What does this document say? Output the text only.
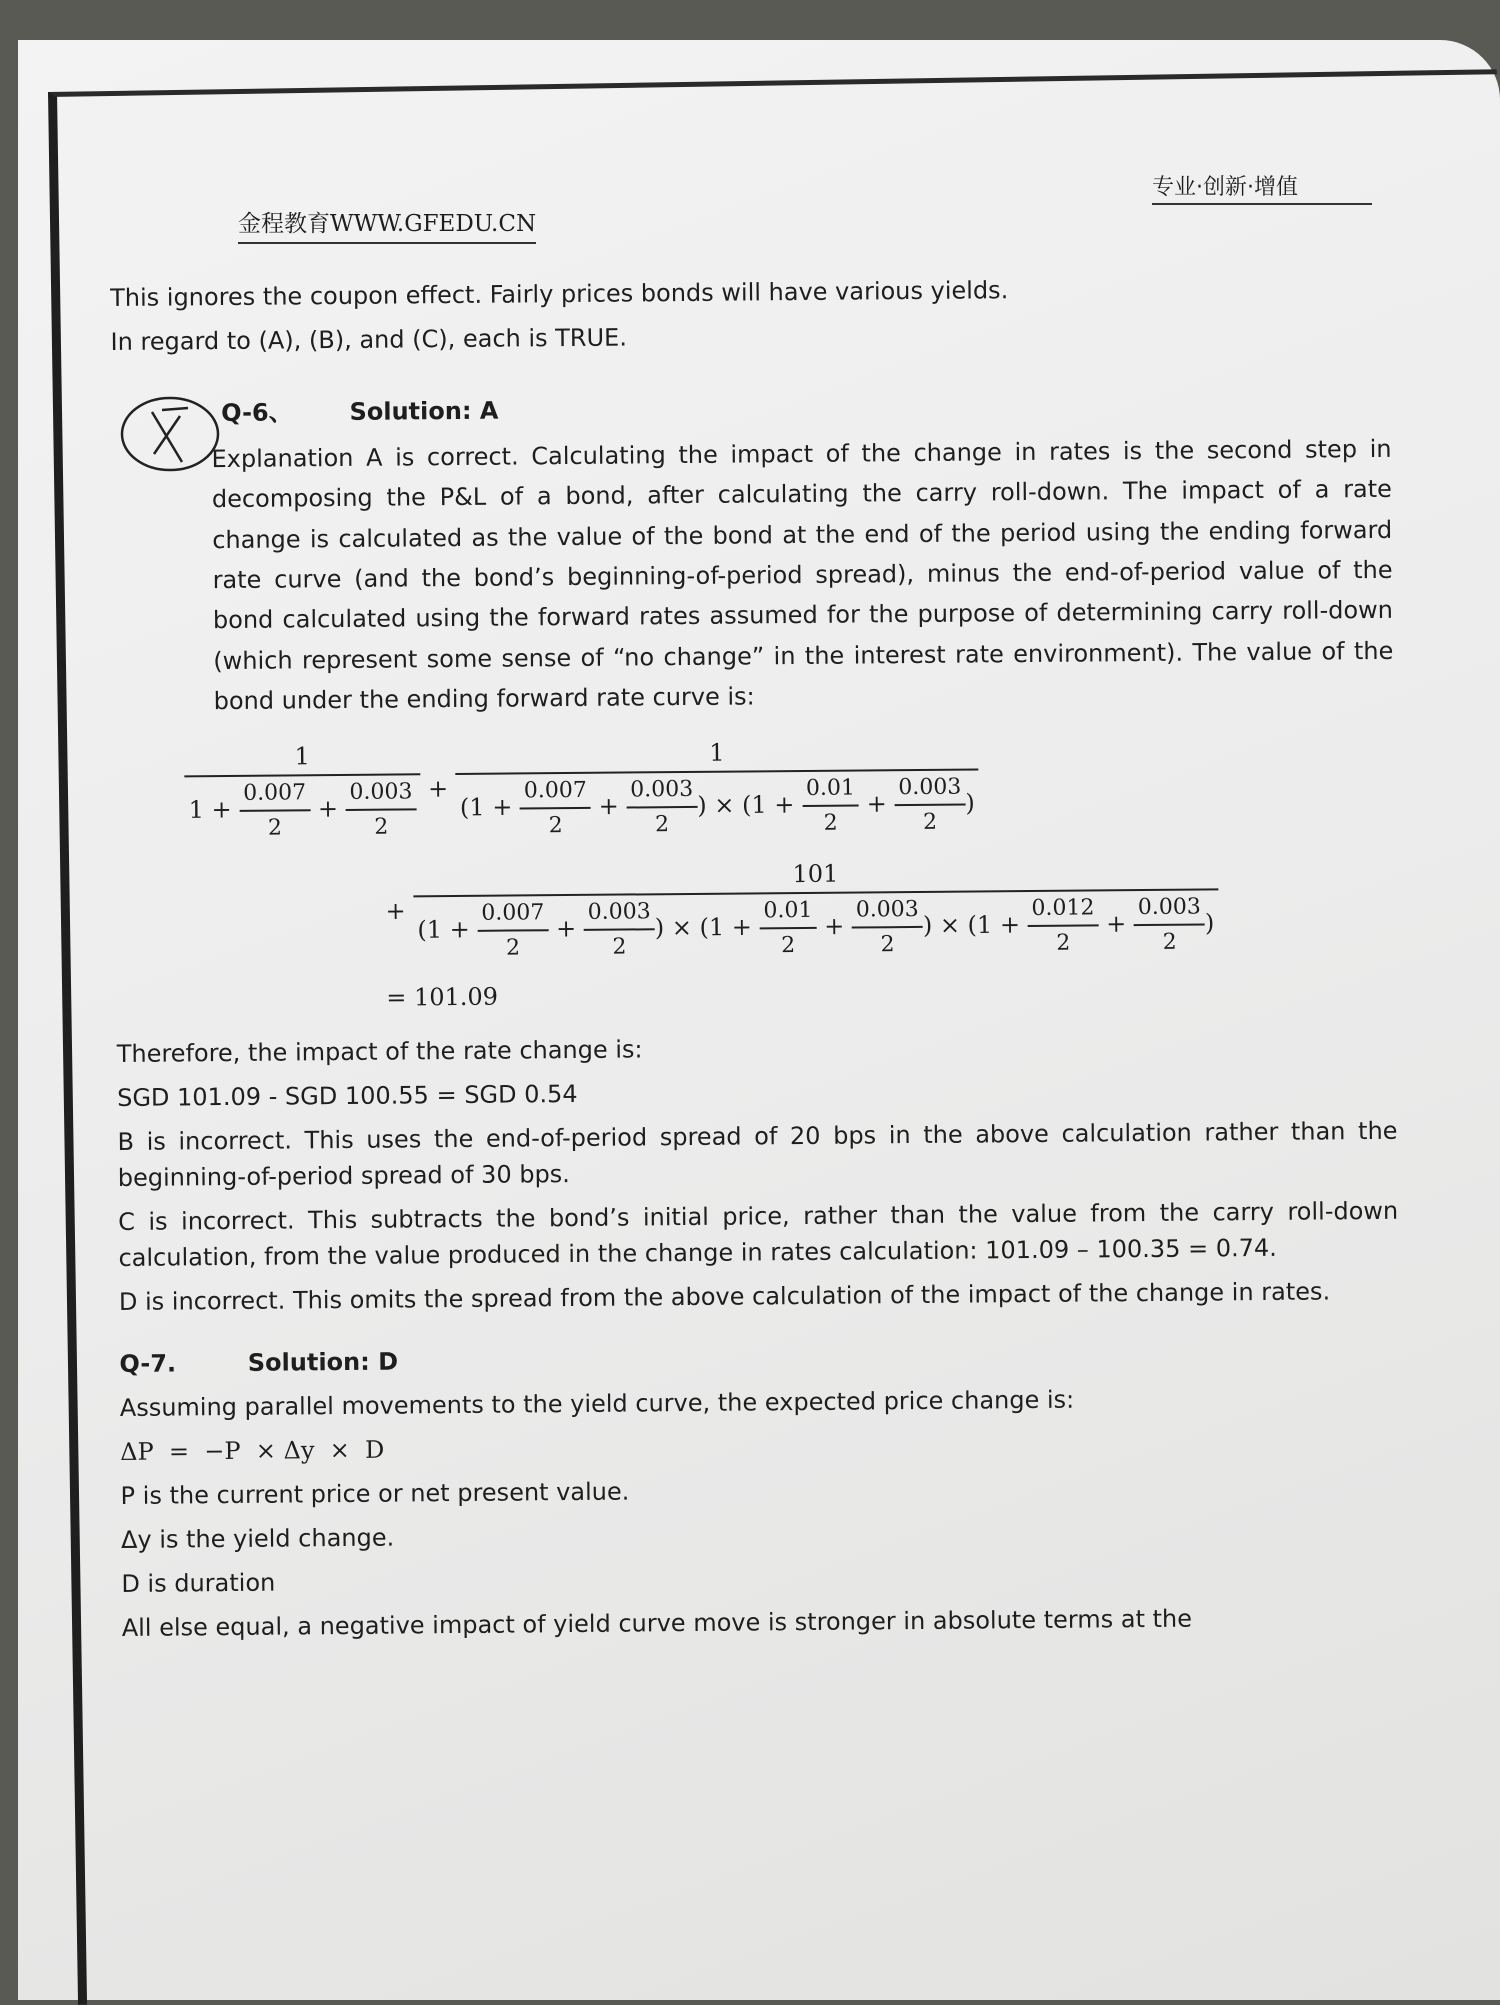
金程教育WWW.GFEDU.CN
专业·创新·增值

This ignores the coupon effect. Fairly prices bonds will have various yields.

In regard to (A), (B), and (C), each is TRUE.

Q-6、 Solution: A

Explanation A is correct. Calculating the impact of the change in rates is the second step in decomposing the P&L of a bond, after calculating the carry roll-down. The impact of a rate change is calculated as the value of the bond at the end of the period using the ending forward rate curve (and the bond’s beginning-of-period spread), minus the end-of-period value of the bond calculated using the forward rates assumed for the purpose of determining carry roll-down (which represent some sense of “no change” in the interest rate environment). The value of the bond under the ending forward rate curve is:

$\frac{1}{1 + \frac{0.007}{2} + \frac{0.003}{2}}$ +
1
($1 + \frac{0.007}{2} + \frac{0.003}{2}$ ) × ($1 + \frac{0.01}{2} + \frac{0.003}{2}$ )
+
101
($1 + \frac{0.007}{2} + \frac{0.003}{2}$ ) × ($1 + \frac{0.01}{2} + \frac{0.003}{2}$ ) × ($1 + \frac{0.012}{2} + \frac{0.003}{2}$ )
= 101.09

Therefore, the impact of the rate change is:

SGD 101.09 - SGD 100.55 = SGD 0.54

B is incorrect. This uses the end-of-period spread of 20 bps in the above calculation rather than the beginning-of-period spread of 30 bps.

C is incorrect. This subtracts the bond’s initial price, rather than the value from the carry roll-down calculation, from the value produced in the change in rates calculation: 101.09 – 100.35 = 0.74.

D is incorrect. This omits the spread from the above calculation of the impact of the change in rates.

Q-7.	Solution: D

Assuming parallel movements to the yield curve, the expected price change is:

ΔP  =  −P  × Δy  ×  D

P is the current price or net present value.

Δy is the yield change.

D is duration

All else equal, a negative impact of yield curve move is stronger in absolute terms at the
